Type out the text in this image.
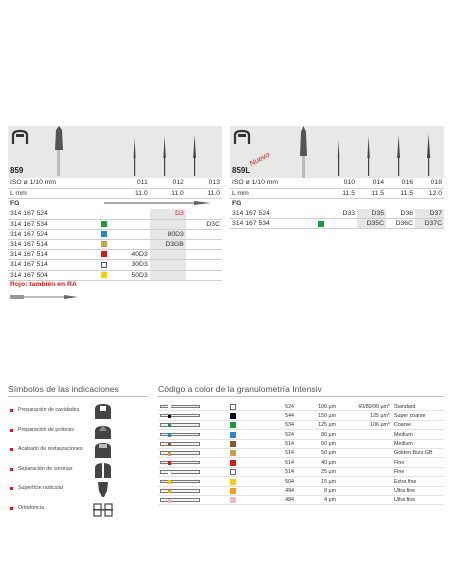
859
ISO ø 1/10 mm		011	012	013
L mm		11.0	11.0	11.0
FG	
314 167 524			D3	
314 167 534				D3C
314 167 524			80D3	
314 167 514			D3GB	
314 167 514		40D3		
314 167 514		30D3		
314 167 504		50D3		
Rojo: también en RA
859L
Nuevo
ISO ø 1/10 mm		010	014	016	018
L mm		11.5	11.5	11.5	12.0
FG					
314 167 524		D33	D35	D36	D37
314 167 534			D35C	D36C	D37C
Símbolos de las indicaciones
Preparación de cavidades
Preparación de prótesis
Acabado de restauraciones
Separación de coronas
Superficie radicular
Ortodoncia
Código a color de la granulometría Intensiv
524	106 µm	60/80/90 µm* Standard
544	150 µm	125 µm* Super coarse
534	125 µm	106 µm* Coarse
524	80 µm	Medium
514	60 µm	Medium
514	50 µm	Golden Burs GB
514	40 µm	Fine
514	25 µm	Fine
504	15 µm	Extra fine
494	8 µm	Ultra fine
484	4 µm	Ultra fine
